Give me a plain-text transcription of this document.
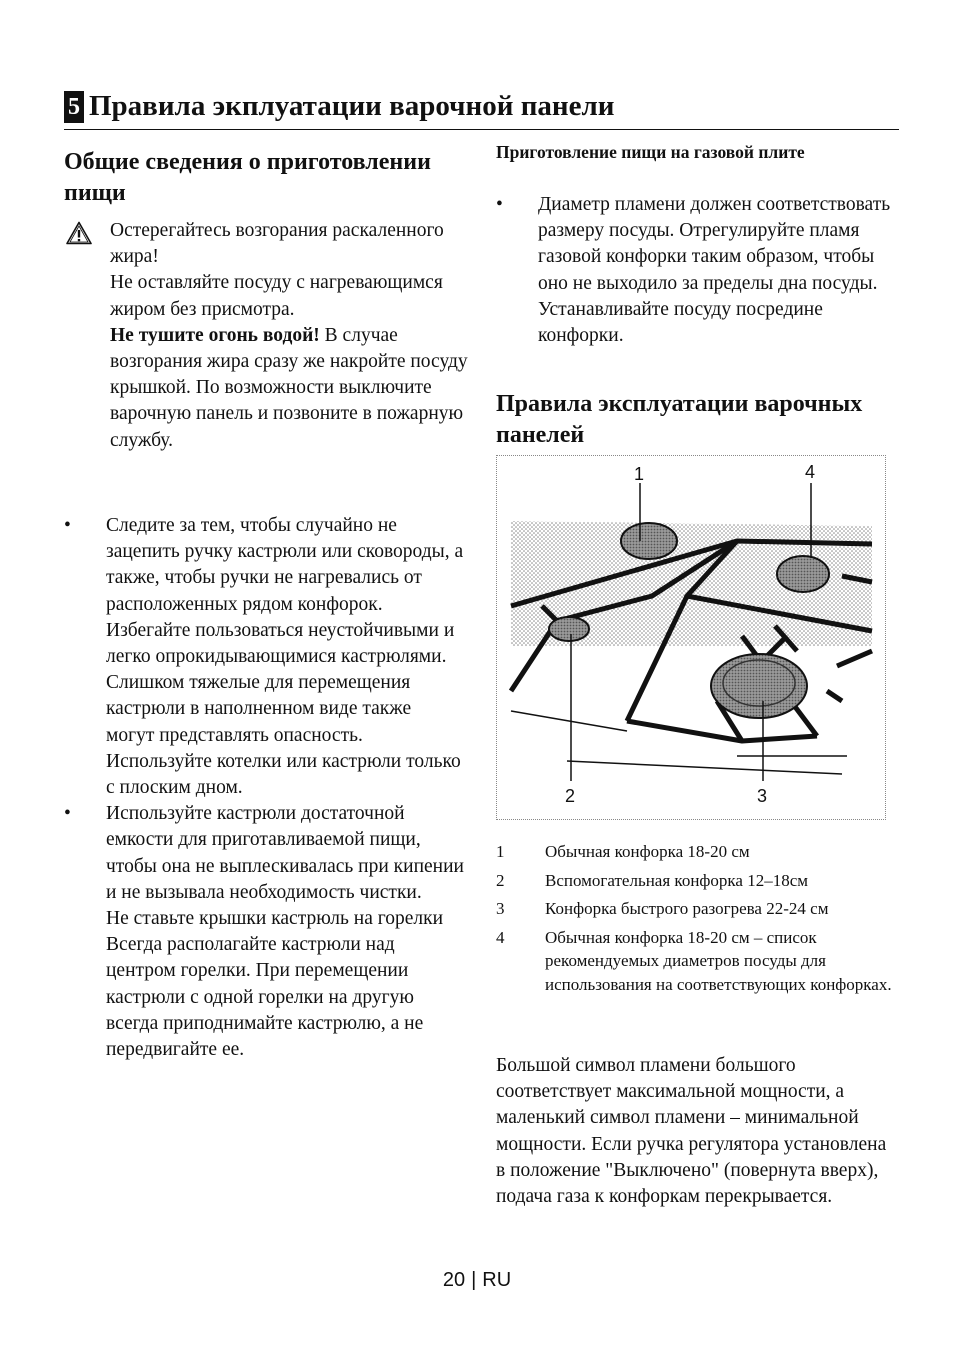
5 Правила экплуатации варочной панели
Общие сведения о приготовлении пищи

Остерегайтесь возгорания раскаленного жира!

Не оставляйте посуду с нагревающимся жиром без присмотра.

Не тушите огонь водой! В случае возгорания жира сразу же накройте посуду крышкой. По возможности выключите варочную панель и позвоните в пожарную службу.

• Следите за тем, чтобы случайно не зацепить ручку кастрюли или сковороды, а также, чтобы ручки не нагревались от расположенных рядом конфорок. Избегайте пользоваться неустойчивыми и легко опрокидывающимися кастрюлями. Слишком тяжелые для перемещения кастрюли в наполненном виде также могут представлять опасность.

Используйте котелки или кастрюли только с плоским дном.

• Используйте кастрюли достаточной емкости для приготавливаемой пищи, чтобы она не выплескивалась при кипении и не вызывала необходимость чистки.

Не ставьте крышки кастрюль на горелки

Всегда располагайте кастрюли над центром горелки. При перемещении кастрюли с одной горелки на другую всегда приподнимайте кастрюлю, а не передвигайте ее.

Приготовление пищи на газовой плите

• Диаметр пламени должен соответствовать размеру посуды. Отрегулируйте пламя газовой конфорки таким образом, чтобы оно не выходило за пределы дна посуды. Устанавливайте посуду посредине конфорки.

Правила эксплуатации варочных панелей
1
2	3
4
1	Обычная конфорка 18-20 см
2	Вспомогательная конфорка 12–18см
3	Конфорка быстрого разогрева 22-24 см
4	Обычная конфорка 18-20 см – список рекомендуемых диаметров посуды для использования на соответствующих конфорках.

Большой символ пламени большого соответствует максимальной мощности, а маленький символ пламени – минимальной мощности. Если ручка регулятора установлена в положение "Выключено" (повернута вверх), подача газа к конфоркам перекрывается.

20 | RU
